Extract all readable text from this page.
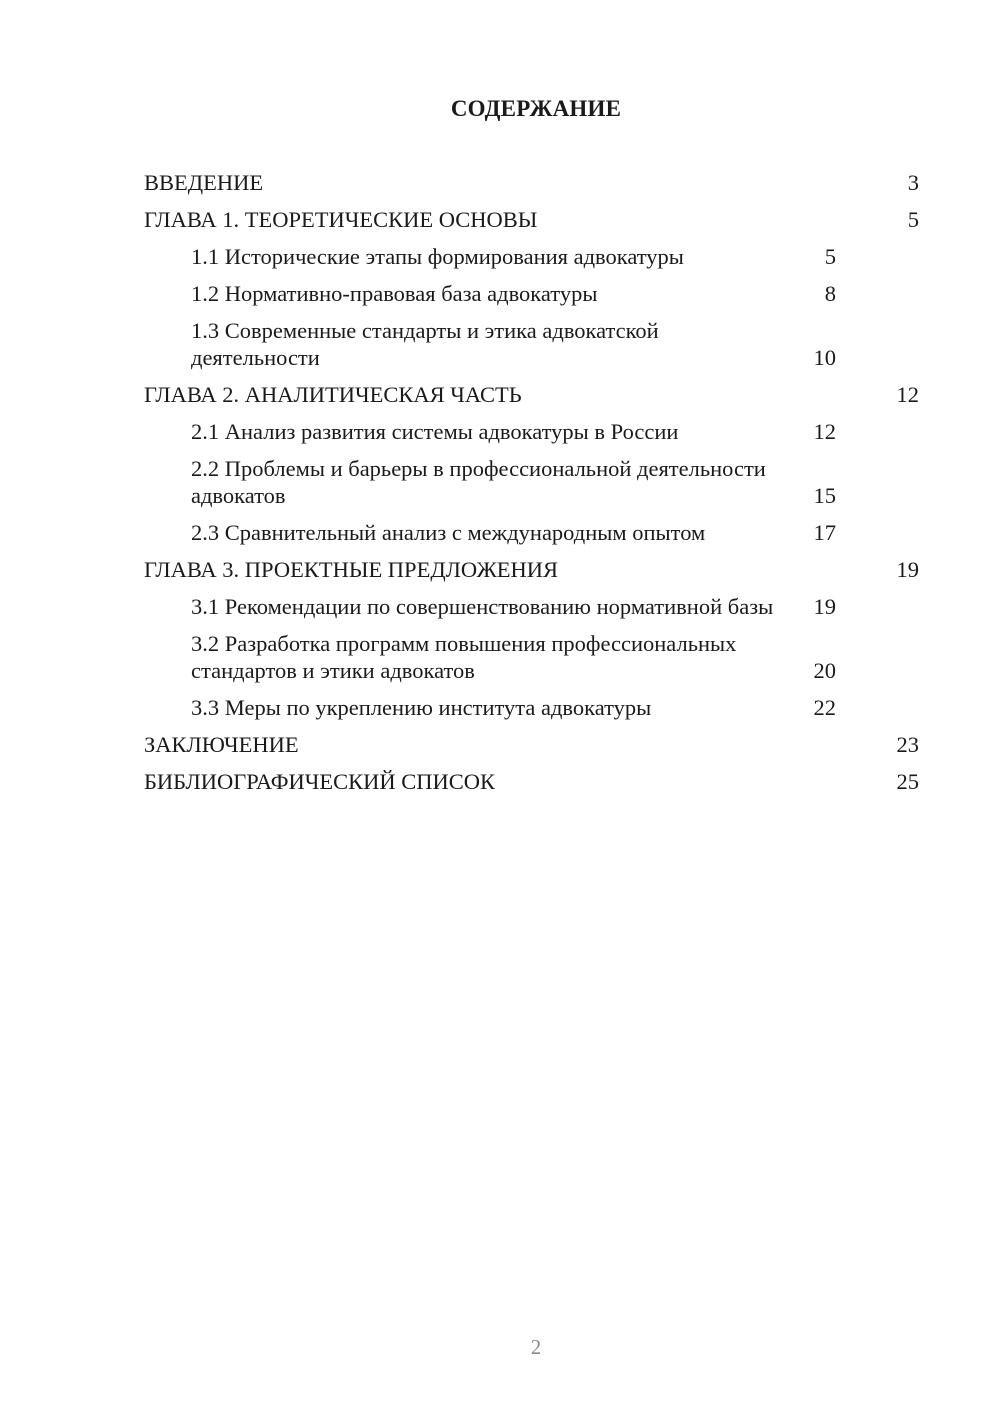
СОДЕРЖАНИЕ
ВВЕДЕНИЕ	3
ГЛАВА 1. ТЕОРЕТИЧЕСКИЕ ОСНОВЫ	5
1.1 Исторические этапы формирования адвокатуры	5
1.2 Нормативно-правовая база адвокатуры	8
1.3 Современные стандарты и этика адвокатской деятельности	10
ГЛАВА 2. АНАЛИТИЧЕСКАЯ ЧАСТЬ	12
2.1 Анализ развития системы адвокатуры в России	12
2.2 Проблемы и барьеры в профессиональной деятельности адвокатов	15
2.3 Сравнительный анализ с международным опытом	17
ГЛАВА 3. ПРОЕКТНЫЕ ПРЕДЛОЖЕНИЯ	19
3.1 Рекомендации по совершенствованию нормативной базы	19
3.2 Разработка программ повышения профессиональных стандартов и этики адвокатов	20
3.3 Меры по укреплению института адвокатуры	22
ЗАКЛЮЧЕНИЕ	23
БИБЛИОГРАФИЧЕСКИЙ СПИСОК	25
2
